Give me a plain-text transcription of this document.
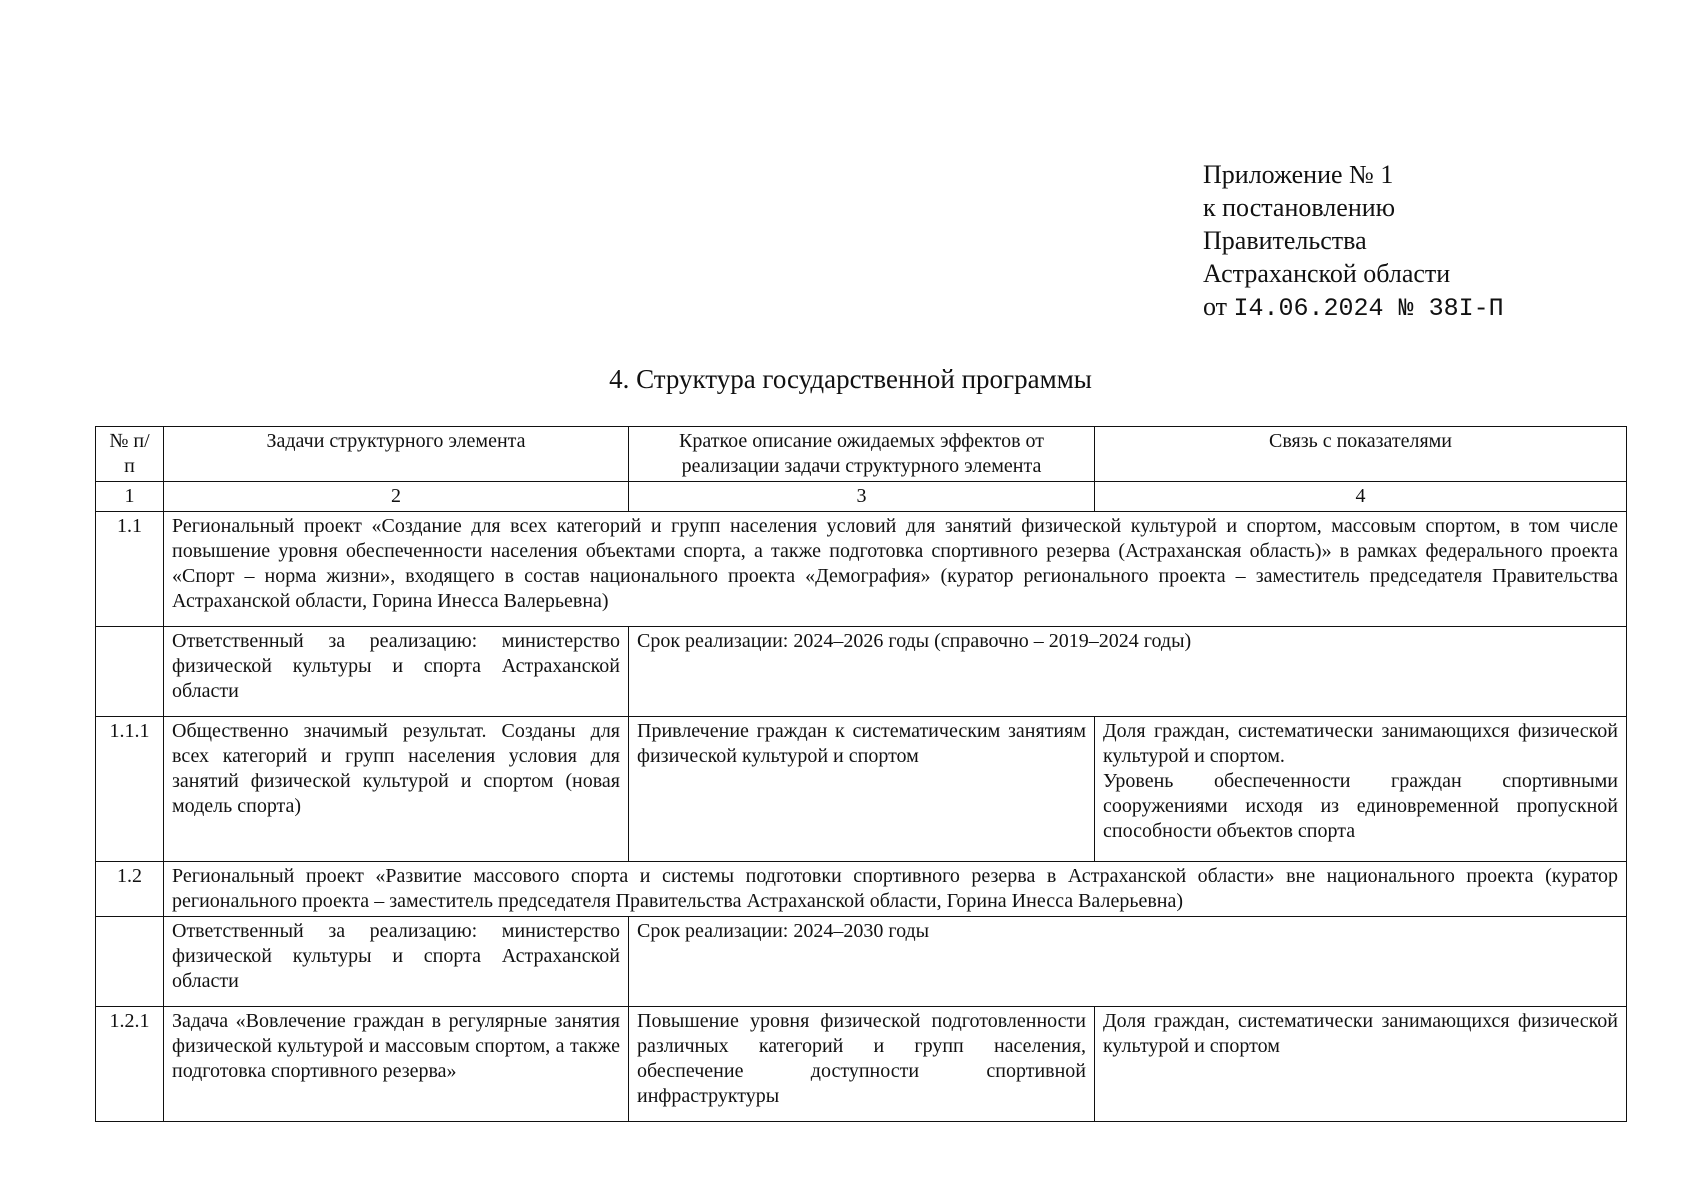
Приложение № 1
к постановлению
Правительства
Астраханской области
от I4.06.2024 № 38I-П
4. Структура государственной программы
№ п/п	Задачи структурного элемента	Краткое описание ожидаемых эффектов от реализации задачи структурного элемента	Связь с показателями
1	2	3	4
1.1	Региональный проект «Создание для всех категорий и групп населения условий для занятий физической культурой и спортом, массовым спортом, в том числе повышение уровня обеспеченности населения объектами спорта, а также подготовка спортивного резерва (Астраханская область)» в рамках федерального проекта «Спорт – норма жизни», входящего в состав национального проекта «Демография» (куратор регионального проекта – заместитель председателя Правительства Астраханской области, Горина Инесса Валерьевна)		
	Ответственный за реализацию: министерство физической культуры и спорта Астраханской области	Срок реализации: 2024–2026 годы (справочно – 2019–2024 годы)	
1.1.1	Общественно значимый результат. Созданы для всех категорий и групп населения условия для занятий физической культурой и спортом (новая модель спорта)	Привлечение граждан к систематическим занятиям физической культурой и спортом	Доля граждан, систематически занимающихся физической культурой и спортом.
Уровень обеспеченности граждан спортивными сооружениями исходя из единовременной пропускной способности объектов спорта

1.2	Региональный проект «Развитие массового спорта и системы подготовки спортивного резерва в Астраханской области» вне национального проекта (куратор регионального проекта – заместитель председателя Правительства Астраханской области, Горина Инесса Валерьевна)		
	Ответственный за реализацию: министерство физической культуры и спорта Астраханской области	Срок реализации: 2024–2030 годы	
1.2.1	Задача «Вовлечение граждан в регулярные занятия физической культурой и массовым спортом, а также подготовка спортивного резерва»	Повышение уровня физической подготовленности различных категорий и групп населения, обеспечение доступности спортивной инфраструктуры	Доля граждан, систематически занимающихся физической культурой и спортом
